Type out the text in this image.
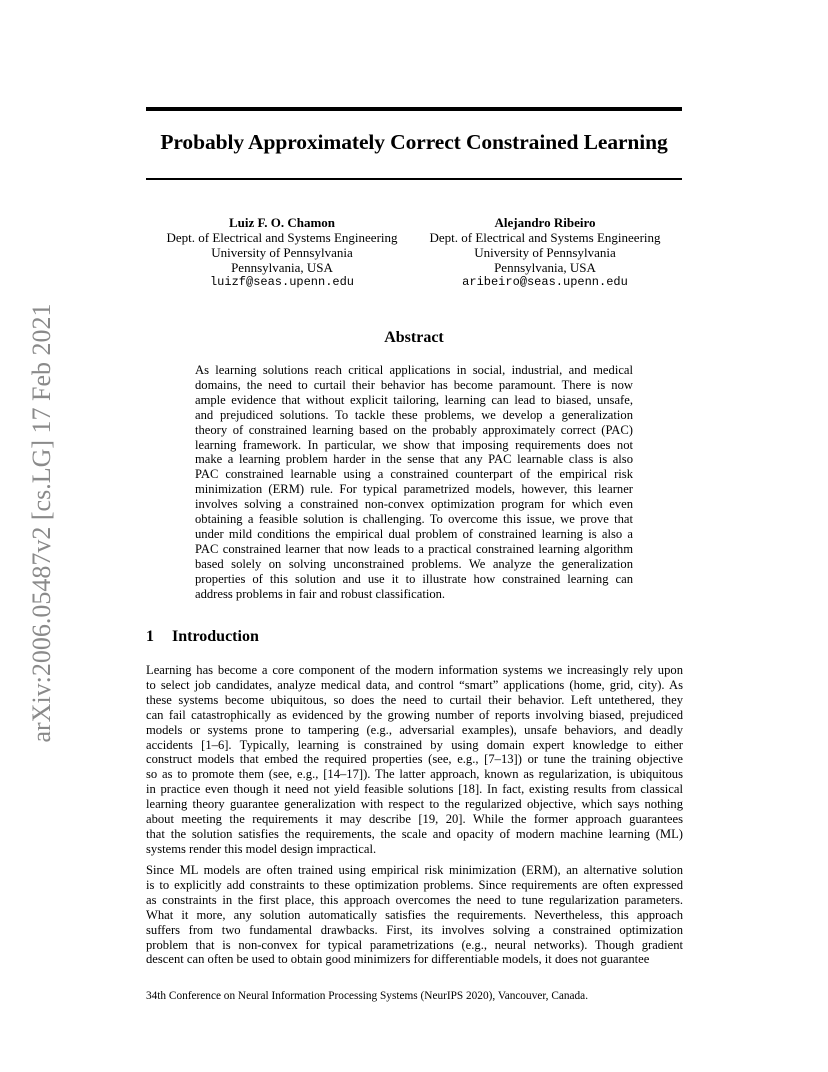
arXiv:2006.05487v2 [cs.LG] 17 Feb 2021
Probably Approximately Correct Constrained Learning
Luiz F. O. Chamon
Dept. of Electrical and Systems Engineering
University of Pennsylvania
Pennsylvania, USA
luizf@seas.upenn.edu
Alejandro Ribeiro
Dept. of Electrical and Systems Engineering
University of Pennsylvania
Pennsylvania, USA
aribeiro@seas.upenn.edu
Abstract
As learning solutions reach critical applications in social, industrial, and medical
domains, the need to curtail their behavior has become paramount. There is now
ample evidence that without explicit tailoring, learning can lead to biased, unsafe,
and prejudiced solutions. To tackle these problems, we develop a generalization
theory of constrained learning based on the probably approximately correct (PAC)
learning framework. In particular, we show that imposing requirements does not
make a learning problem harder in the sense that any PAC learnable class is also
PAC constrained learnable using a constrained counterpart of the empirical risk
minimization (ERM) rule. For typical parametrized models, however, this learner
involves solving a constrained non-convex optimization program for which even
obtaining a feasible solution is challenging. To overcome this issue, we prove that
under mild conditions the empirical dual problem of constrained learning is also a
PAC constrained learner that now leads to a practical constrained learning algorithm
based solely on solving unconstrained problems. We analyze the generalization
properties of this solution and use it to illustrate how constrained learning can
address problems in fair and robust classification.
1 Introduction
Learning has become a core component of the modern information systems we increasingly rely upon
to select job candidates, analyze medical data, and control “smart” applications (home, grid, city). As
these systems become ubiquitous, so does the need to curtail their behavior. Left untethered, they
can fail catastrophically as evidenced by the growing number of reports involving biased, prejudiced
models or systems prone to tampering (e.g., adversarial examples), unsafe behaviors, and deadly
accidents [1–6]. Typically, learning is constrained by using domain expert knowledge to either
construct models that embed the required properties (see, e.g., [7–13]) or tune the training objective
so as to promote them (see, e.g., [14–17]). The latter approach, known as regularization, is ubiquitous
in practice even though it need not yield feasible solutions [18]. In fact, existing results from classical
learning theory guarantee generalization with respect to the regularized objective, which says nothing
about meeting the requirements it may describe [19, 20]. While the former approach guarantees
that the solution satisfies the requirements, the scale and opacity of modern machine learning (ML)
systems render this model design impractical.
Since ML models are often trained using empirical risk minimization (ERM), an alternative solution
is to explicitly add constraints to these optimization problems. Since requirements are often expressed
as constraints in the first place, this approach overcomes the need to tune regularization parameters.
What it more, any solution automatically satisfies the requirements. Nevertheless, this approach
suffers from two fundamental drawbacks. First, its involves solving a constrained optimization
problem that is non-convex for typical parametrizations (e.g., neural networks). Though gradient
descent can often be used to obtain good minimizers for differentiable models, it does not guarantee
34th Conference on Neural Information Processing Systems (NeurIPS 2020), Vancouver, Canada.
